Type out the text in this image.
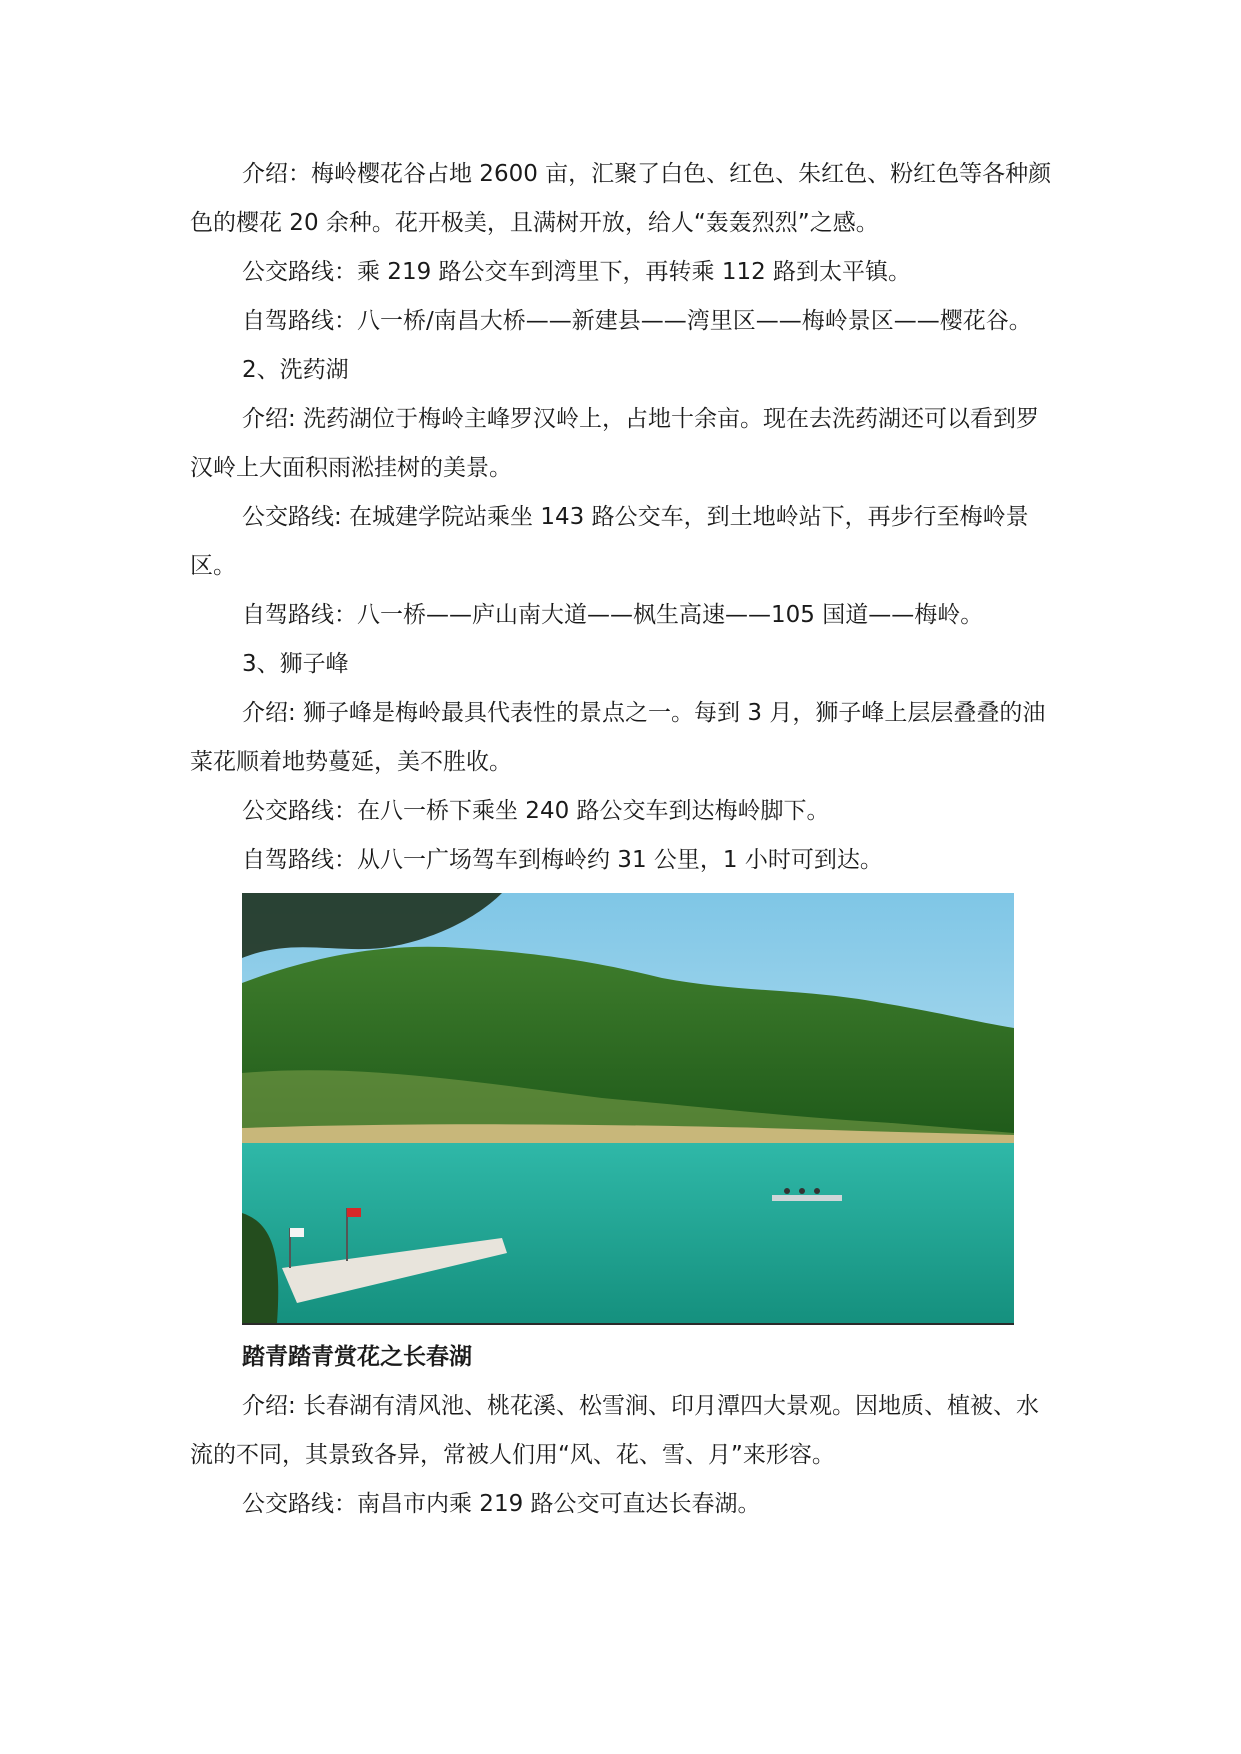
介绍：梅岭樱花谷占地 2600 亩，汇聚了白色、红色、朱红色、粉红色等各种颜色的樱花 20 余种。花开极美，且满树开放，给人“轰轰烈烈”之感。

公交路线：乘 219 路公交车到湾里下，再转乘 112 路到太平镇。

自驾路线：八一桥/南昌大桥——新建县——湾里区——梅岭景区——樱花谷。

2、洗药湖

介绍: 洗药湖位于梅岭主峰罗汉岭上，占地十余亩。现在去洗药湖还可以看到罗汉岭上大面积雨淞挂树的美景。

公交路线: 在城建学院站乘坐 143 路公交车，到土地岭站下，再步行至梅岭景区。

自驾路线：八一桥——庐山南大道——枫生高速——105 国道——梅岭。

3、狮子峰

介绍: 狮子峰是梅岭最具代表性的景点之一。每到 3 月，狮子峰上层层叠叠的油菜花顺着地势蔓延，美不胜收。

公交路线：在八一桥下乘坐 240 路公交车到达梅岭脚下。

自驾路线：从八一广场驾车到梅岭约 31 公里，1 小时可到达。

踏青踏青赏花之长春湖

介绍: 长春湖有清风池、桃花溪、松雪涧、印月潭四大景观。因地质、植被、水流的不同，其景致各异，常被人们用“风、花、雪、月”来形容。

公交路线：南昌市内乘 219 路公交可直达长春湖。
